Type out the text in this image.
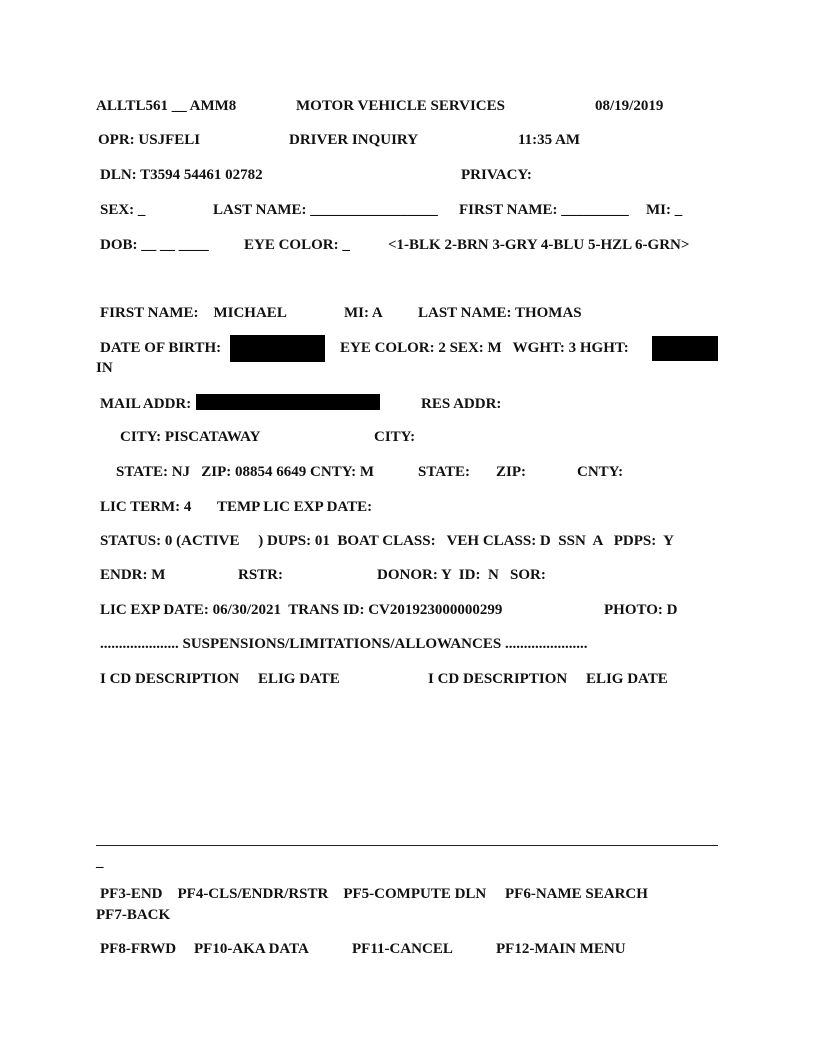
ALLTL561 __ AMM8	MOTOR VEHICLE SERVICES	08/19/2019
OPR: USJFELI	DRIVER INQUIRY	11:35 AM
DLN: T3594 54461 02782	PRIVACY:
SEX: _	LAST NAME: _________________ FIRST NAME: _________ MI: _
DOB: __ __ ____ EYE COLOR: _	<1-BLK 2-BRN 3-GRY 4-BLU 5-HZL 6-GRN>
FIRST NAME:    MICHAEL	MI: A LAST NAME: THOMAS
DATE OF BIRTH:	EYE COLOR: 2 SEX: M   WGHT: 3 HGHT:
IN
MAIL ADDR:	RES ADDR:
CITY: PISCATAWAY	CITY:
STATE: NJ   ZIP: 08854 6649 CNTY: M	STATE: ZIP:	CNTY:
LIC TERM: 4 TEMP LIC EXP DATE:
STATUS: 0 (ACTIVE     ) DUPS: 01  BOAT CLASS:   VEH CLASS: D  SSN  A   PDPS:  Y
ENDR: M	RSTR:	DONOR: Y  ID:  N   SOR:
LIC EXP DATE: 06/30/2021  TRANS ID: CV201923000000299	PHOTO: D
..................... SUSPENSIONS/LIMITATIONS/ALLOWANCES ......................
I CD DESCRIPTION     ELIG DATE	I CD DESCRIPTION     ELIG DATE
_
PF3-END    PF4-CLS/ENDR/RSTR    PF5-COMPUTE DLN     PF6-NAME SEARCH
PF7-BACK
PF8-FRWD PF10-AKA DATA	PF11-CANCEL	PF12-MAIN MENU
